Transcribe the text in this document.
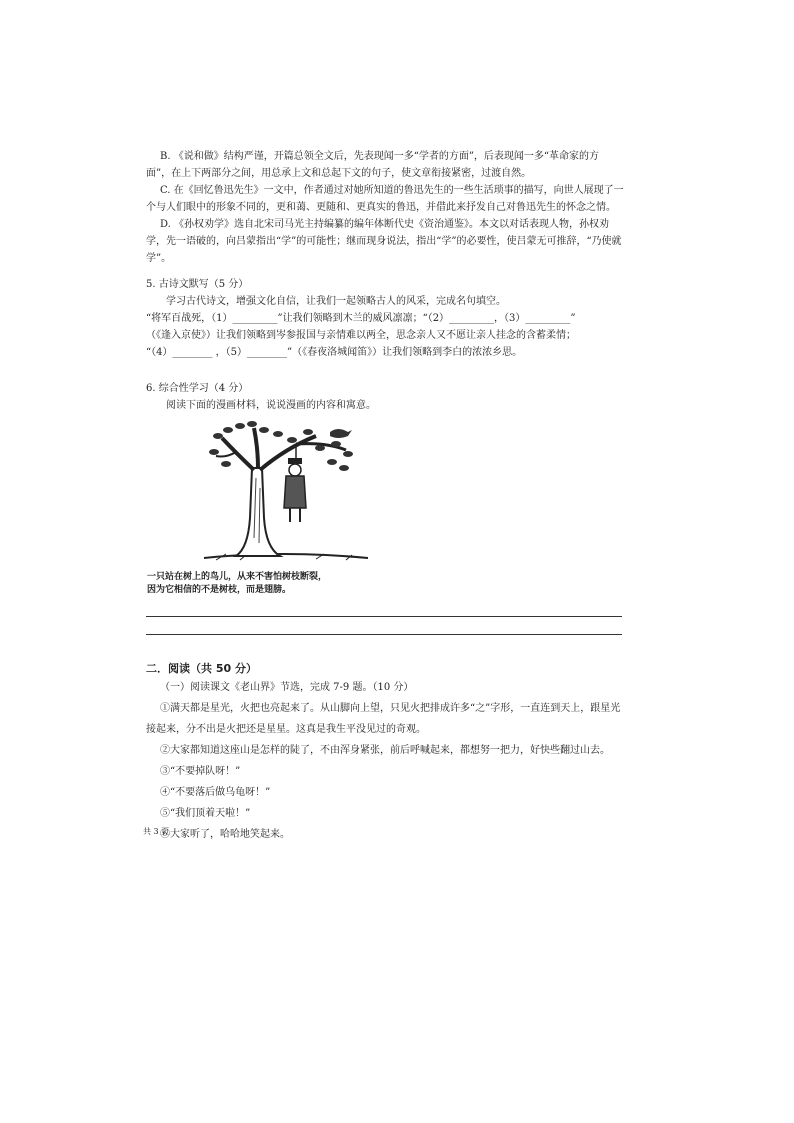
B. 《说和做》结构严谨，开篇总领全文后，先表现闻一多“学者的方面”，后表现闻一多“革命家的方面”，在上下两部分之间，用总承上文和总起下文的句子，使文章衔接紧密，过渡自然。

C. 在《回忆鲁迅先生》一文中，作者通过对她所知道的鲁迅先生的一些生活琐事的描写，向世人展现了一个与人们眼中的形象不同的，更和蔼、更随和、更真实的鲁迅，并借此来抒发自己对鲁迅先生的怀念之情。

D. 《孙权劝学》选自北宋司马光主持编纂的编年体断代史《资治通鉴》。本文以对话表现人物，孙权劝学，先一语破的，向吕蒙指出“学”的可能性；继而现身说法，指出“学”的必要性，使吕蒙无可推辞，“乃使就学”。

5. 古诗文默写（5 分）

学习古代诗文，增强文化自信，让我们一起领略古人的风采，完成名句填空。

“将军百战死，（1）_________”让我们领略到木兰的威风凛凛；“（2）_________，（3）_________”

（《逢入京使》）让我们领略到岑参报国与亲情难以两全，思念亲人又不愿让亲人挂念的含蓄柔情；

“（4）________ ，（5）________”（《春夜洛城闻笛》）让我们领略到李白的浓浓乡思。

6. 综合性学习（4 分）

阅读下面的漫画材料，说说漫画的内容和寓意。

一只站在树上的鸟儿，从来不害怕树枝断裂，
因为它相信的不是树枝，而是翅膀。

二．阅读（共 50 分）

（一）阅读课文《老山界》节选，完成 7-9 题。（10 分）

①满天都是星光，火把也亮起来了。从山脚向上望，只见火把排成许多“之”字形，一直连到天上，跟星光接起来，分不出是火把还是星星。这真是我生平没见过的奇观。

②大家都知道这座山是怎样的陡了，不由浑身紧张，前后呼喊起来，都想努一把力，好快些翻过山去。

③“不要掉队呀！”

④“不要落后做乌龟呀！”

⑤“我们顶着天啦！”

⑥大家听了，哈哈地笑起来。

共 3 页
